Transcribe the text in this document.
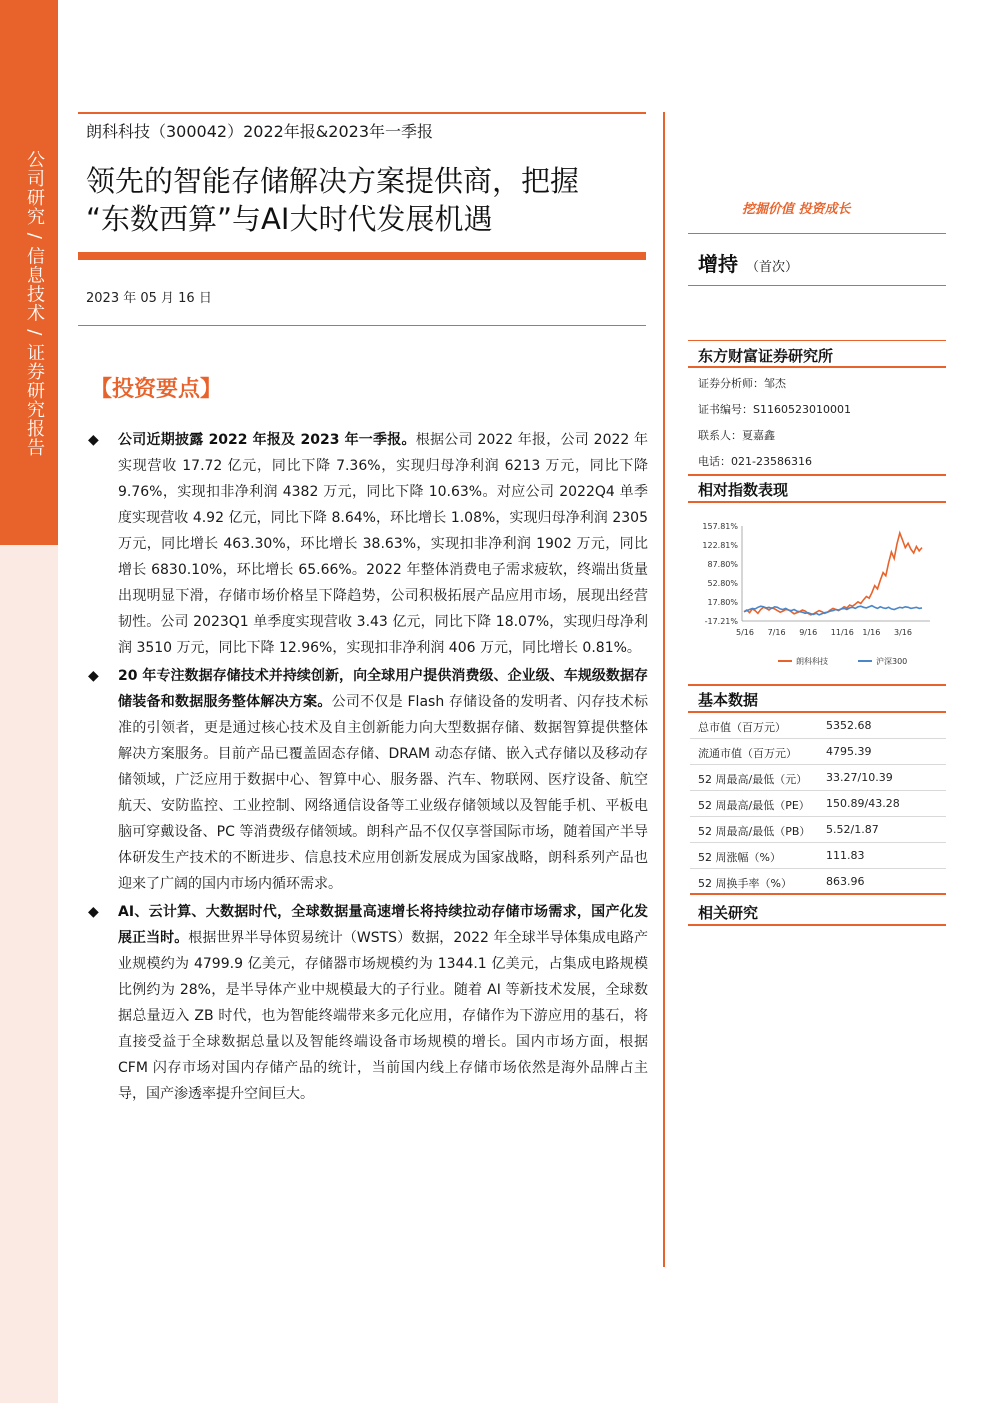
公司研究 / 信息技术 / 证券研究报告
朗科科技（300042）2022年报&2023年一季报
领先的智能存储解决方案提供商，把握
“东数西算”与AI大时代发展机遇
2023 年 05 月 16 日
【投资要点】
◆ 公司近期披露 2022 年报及 2023 年一季报。根据公司 2022 年报，公司 2022 年实现营收 17.72 亿元，同比下降 7.36%，实现归母净利润 6213 万元，同比下降 9.76%，实现扣非净利润 4382 万元，同比下降 10.63%。对应公司 2022Q4 单季度实现营收 4.92 亿元，同比下降 8.64%，环比增长 1.08%，实现归母净利润 2305 万元，同比增长 463.30%，环比增长 38.63%，实现扣非净利润 1902 万元，同比增长 6830.10%，环比增长 65.66%。2022 年整体消费电子需求疲软，终端出货量出现明显下滑，存储市场价格呈下降趋势，公司积极拓展产品应用市场，展现出经营韧性。公司 2023Q1 单季度实现营收 3.43 亿元，同比下降 18.07%，实现归母净利润 3510 万元，同比下降 12.96%，实现扣非净利润 406 万元，同比增长 0.81%。
◆ 20 年专注数据存储技术并持续创新，向全球用户提供消费级、企业级、车规级数据存储装备和数据服务整体解决方案。公司不仅是 Flash 存储设备的发明者、闪存技术标准的引领者，更是通过核心技术及自主创新能力向大型数据存储、数据智算提供整体解决方案服务。目前产品已覆盖固态存储、DRAM 动态存储、嵌入式存储以及移动存储领域，广泛应用于数据中心、智算中心、服务器、汽车、物联网、医疗设备、航空航天、安防监控、工业控制、网络通信设备等工业级存储领域以及智能手机、平板电脑可穿戴设备、PC 等消费级存储领域。朗科产品不仅仅享誉国际市场，随着国产半导体研发生产技术的不断进步、信息技术应用创新发展成为国家战略，朗科系列产品也迎来了广阔的国内市场内循环需求。
◆ AI、云计算、大数据时代，全球数据量高速增长将持续拉动存储市场需求，国产化发展正当时。根据世界半导体贸易统计（WSTS）数据，2022 年全球半导体集成电路产业规模约为 4799.9 亿美元，存储器市场规模约为 1344.1 亿美元，占集成电路规模比例约为 28%，是半导体产业中规模最大的子行业。随着 AI 等新技术发展，全球数据总量迈入 ZB 时代，也为智能终端带来多元化应用，存储作为下游应用的基石，将直接受益于全球数据总量以及智能终端设备市场规模的增长。国内市场方面，根据 CFM 闪存市场对国内存储产品的统计，当前国内线上存储市场依然是海外品牌占主导，国产渗透率提升空间巨大。
挖掘价值 投资成长
增持 （首次）
东方财富证券研究所
证券分析师：邹杰
证书编号：S1160523010001
联系人：夏嘉鑫
电话：021-23586316
相对指数表现
157.81%
122.81%
87.80%
52.80%
17.80%
-17.21%
5/16 7/16 9/16 11/16 1/16 3/16
朗科科技	沪深300
基本数据
总市值（百万元）	5352.68
流通市值（百万元）	4795.39
52 周最高/最低（元） 33.27/10.39
52 周最高/最低（PE） 150.89/43.28
52 周最高/最低（PB） 5.52/1.87
52 周涨幅（%）	111.83
52 周换手率（%）	863.96
相关研究
